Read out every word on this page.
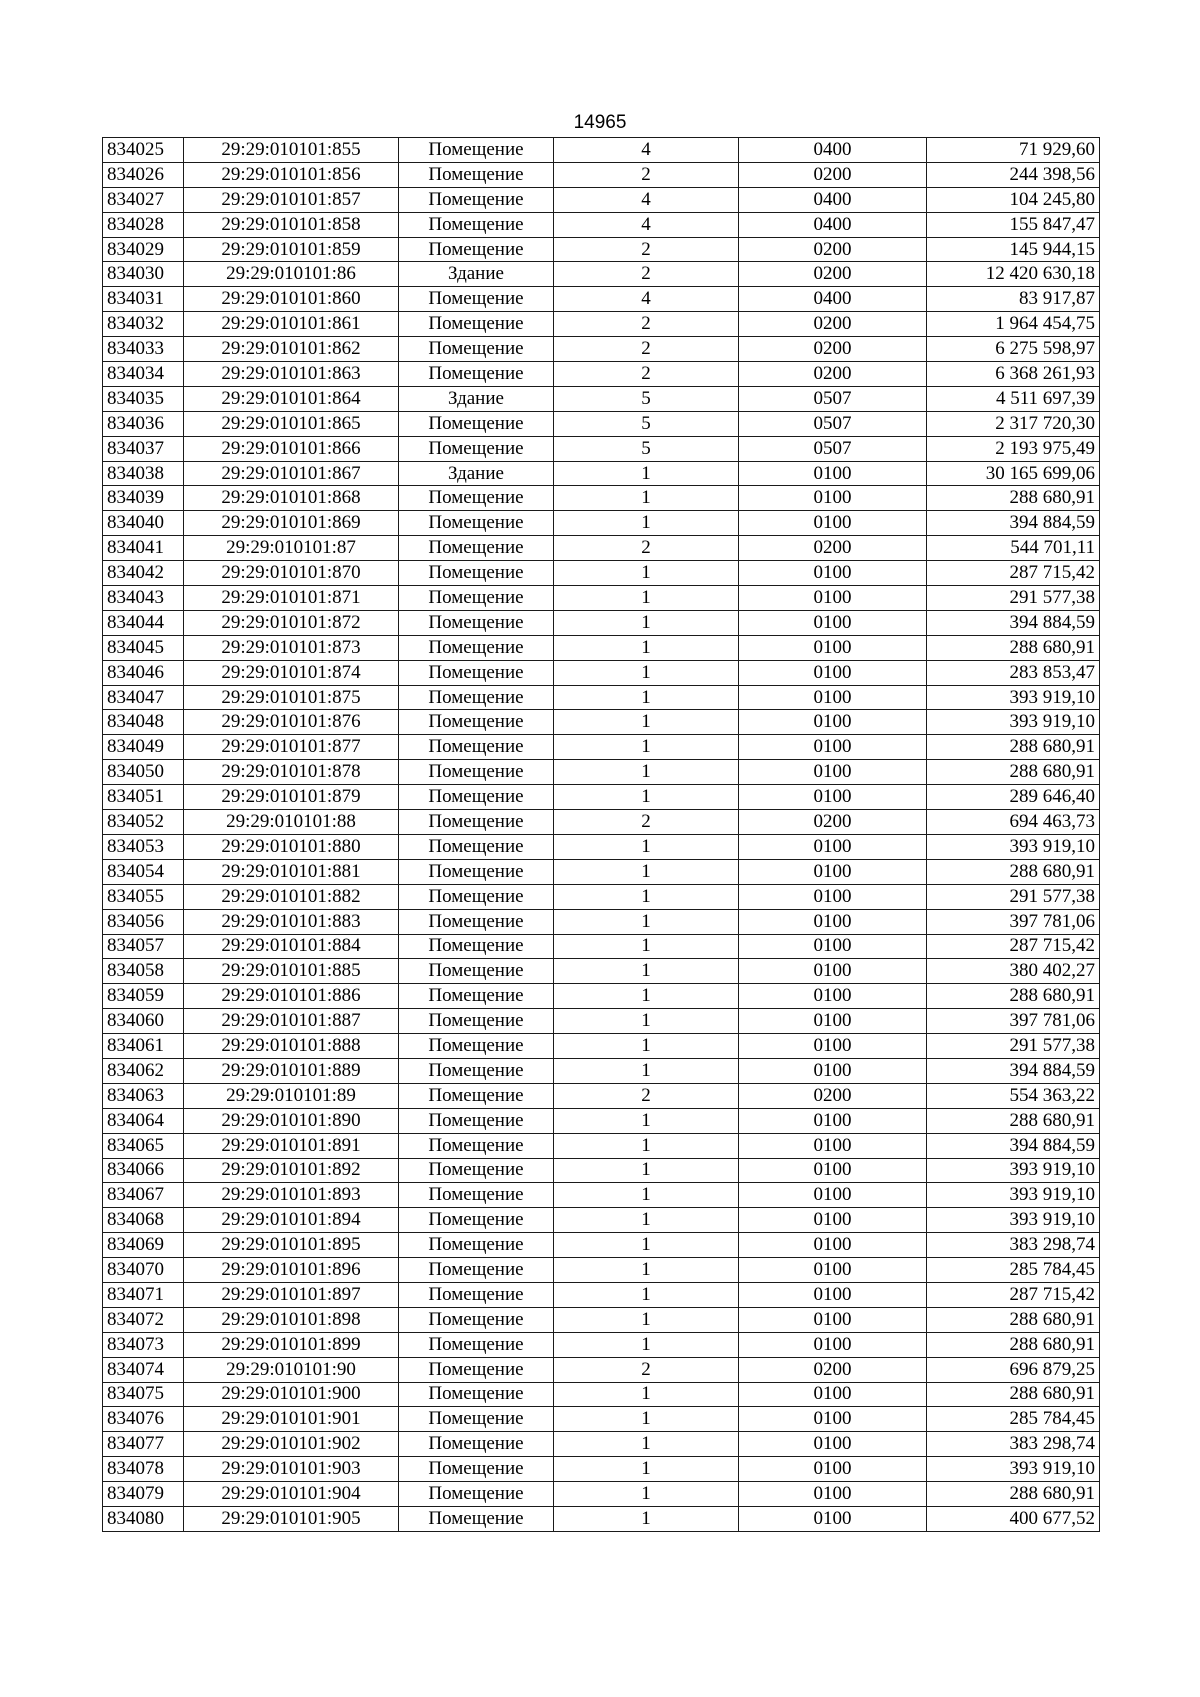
14965
834025	29:29:010101:855	Помещение	4	0400	71 929,60
834026	29:29:010101:856	Помещение	2	0200	244 398,56
834027	29:29:010101:857	Помещение	4	0400	104 245,80
834028	29:29:010101:858	Помещение	4	0400	155 847,47
834029	29:29:010101:859	Помещение	2	0200	145 944,15
834030	29:29:010101:86	Здание	2	0200	12 420 630,18
834031	29:29:010101:860	Помещение	4	0400	83 917,87
834032	29:29:010101:861	Помещение	2	0200	1 964 454,75
834033	29:29:010101:862	Помещение	2	0200	6 275 598,97
834034	29:29:010101:863	Помещение	2	0200	6 368 261,93
834035	29:29:010101:864	Здание	5	0507	4 511 697,39
834036	29:29:010101:865	Помещение	5	0507	2 317 720,30
834037	29:29:010101:866	Помещение	5	0507	2 193 975,49
834038	29:29:010101:867	Здание	1	0100	30 165 699,06
834039	29:29:010101:868	Помещение	1	0100	288 680,91
834040	29:29:010101:869	Помещение	1	0100	394 884,59
834041	29:29:010101:87	Помещение	2	0200	544 701,11
834042	29:29:010101:870	Помещение	1	0100	287 715,42
834043	29:29:010101:871	Помещение	1	0100	291 577,38
834044	29:29:010101:872	Помещение	1	0100	394 884,59
834045	29:29:010101:873	Помещение	1	0100	288 680,91
834046	29:29:010101:874	Помещение	1	0100	283 853,47
834047	29:29:010101:875	Помещение	1	0100	393 919,10
834048	29:29:010101:876	Помещение	1	0100	393 919,10
834049	29:29:010101:877	Помещение	1	0100	288 680,91
834050	29:29:010101:878	Помещение	1	0100	288 680,91
834051	29:29:010101:879	Помещение	1	0100	289 646,40
834052	29:29:010101:88	Помещение	2	0200	694 463,73
834053	29:29:010101:880	Помещение	1	0100	393 919,10
834054	29:29:010101:881	Помещение	1	0100	288 680,91
834055	29:29:010101:882	Помещение	1	0100	291 577,38
834056	29:29:010101:883	Помещение	1	0100	397 781,06
834057	29:29:010101:884	Помещение	1	0100	287 715,42
834058	29:29:010101:885	Помещение	1	0100	380 402,27
834059	29:29:010101:886	Помещение	1	0100	288 680,91
834060	29:29:010101:887	Помещение	1	0100	397 781,06
834061	29:29:010101:888	Помещение	1	0100	291 577,38
834062	29:29:010101:889	Помещение	1	0100	394 884,59
834063	29:29:010101:89	Помещение	2	0200	554 363,22
834064	29:29:010101:890	Помещение	1	0100	288 680,91
834065	29:29:010101:891	Помещение	1	0100	394 884,59
834066	29:29:010101:892	Помещение	1	0100	393 919,10
834067	29:29:010101:893	Помещение	1	0100	393 919,10
834068	29:29:010101:894	Помещение	1	0100	393 919,10
834069	29:29:010101:895	Помещение	1	0100	383 298,74
834070	29:29:010101:896	Помещение	1	0100	285 784,45
834071	29:29:010101:897	Помещение	1	0100	287 715,42
834072	29:29:010101:898	Помещение	1	0100	288 680,91
834073	29:29:010101:899	Помещение	1	0100	288 680,91
834074	29:29:010101:90	Помещение	2	0200	696 879,25
834075	29:29:010101:900	Помещение	1	0100	288 680,91
834076	29:29:010101:901	Помещение	1	0100	285 784,45
834077	29:29:010101:902	Помещение	1	0100	383 298,74
834078	29:29:010101:903	Помещение	1	0100	393 919,10
834079	29:29:010101:904	Помещение	1	0100	288 680,91
834080	29:29:010101:905	Помещение	1	0100	400 677,52
